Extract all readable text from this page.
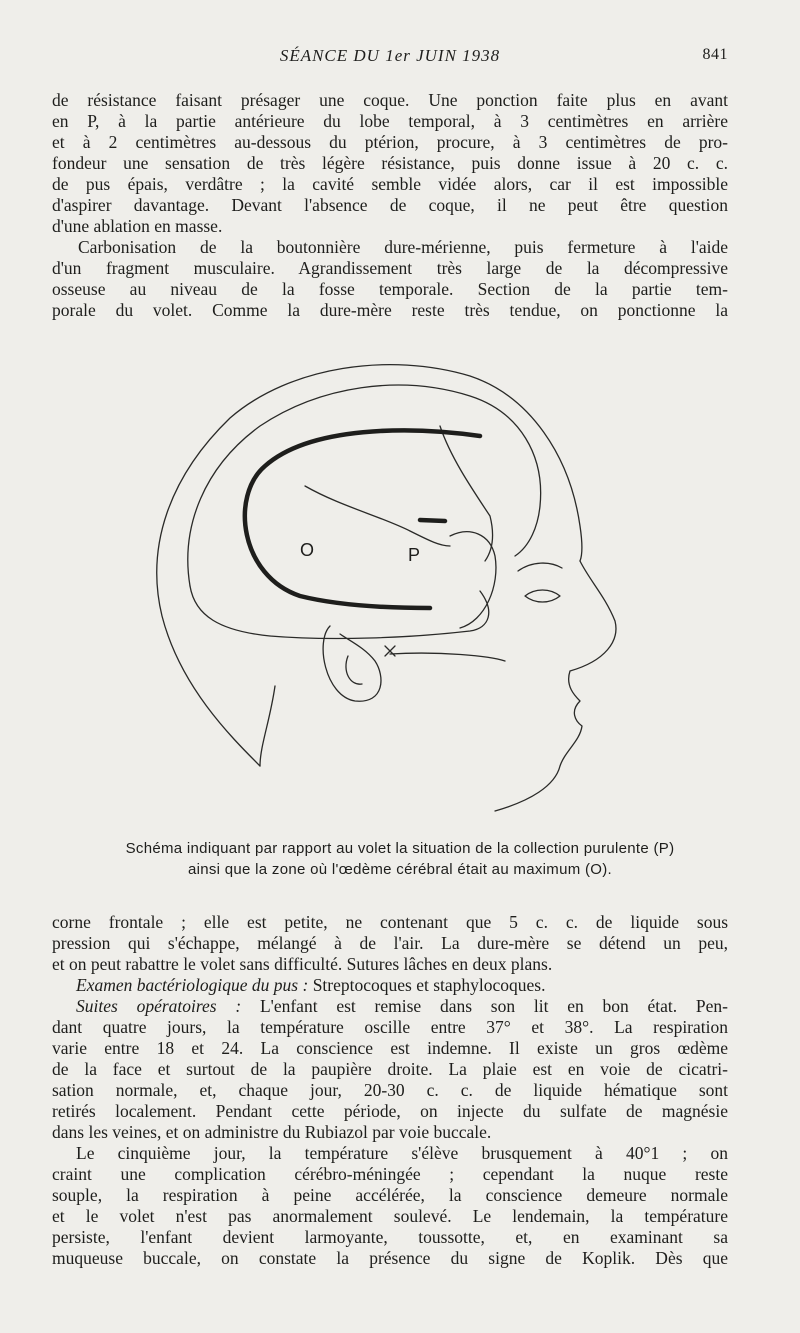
SÉANCE DU 1er JUIN 1938	841
de résistance faisant présager une coque. Une ponction faite plus en avant
en P, à la partie antérieure du lobe temporal, à 3 centimètres en arrière
et à 2 centimètres au-dessous du ptérion, procure, à 3 centimètres de pro-
fondeur une sensation de très légère résistance, puis donne issue à 20 c. c.
de pus épais, verdâtre ; la cavité semble vidée alors, car il est impossible
d'aspirer davantage. Devant l'absence de coque, il ne peut être question
d'une ablation en masse.
Carbonisation de la boutonnière dure-mérienne, puis fermeture à l'aide
d'un fragment musculaire. Agrandissement très large de la décompressive
osseuse au niveau de la fosse temporale. Section de la partie tem-
porale du volet. Comme la dure-mère reste très tendue, on ponctionne la
O	P
Schéma indiquant par rapport au volet la situation de la collection purulente (P)
ainsi que la zone où l'œdème cérébral était au maximum (O).
corne frontale ; elle est petite, ne contenant que 5 c. c. de liquide sous
pression qui s'échappe, mélangé à de l'air. La dure-mère se détend un peu,
et on peut rabattre le volet sans difficulté. Sutures lâches en deux plans.
Examen bactériologique du pus : Streptocoques et staphylocoques.
Suites opératoires : L'enfant est remise dans son lit en bon état. Pen-
dant quatre jours, la température oscille entre 37° et 38°. La respiration
varie entre 18 et 24. La conscience est indemne. Il existe un gros œdème
de la face et surtout de la paupière droite. La plaie est en voie de cicatri-
sation normale, et, chaque jour, 20-30 c. c. de liquide hématique sont
retirés localement. Pendant cette période, on injecte du sulfate de magnésie
dans les veines, et on administre du Rubiazol par voie buccale.
Le cinquième jour, la température s'élève brusquement à 40°1 ; on
craint une complication cérébro-méningée ; cependant la nuque reste
souple, la respiration à peine accélérée, la conscience demeure normale
et le volet n'est pas anormalement soulevé. Le lendemain, la température
persiste, l'enfant devient larmoyante, toussotte, et, en examinant sa
muqueuse buccale, on constate la présence du signe de Koplik. Dès que
